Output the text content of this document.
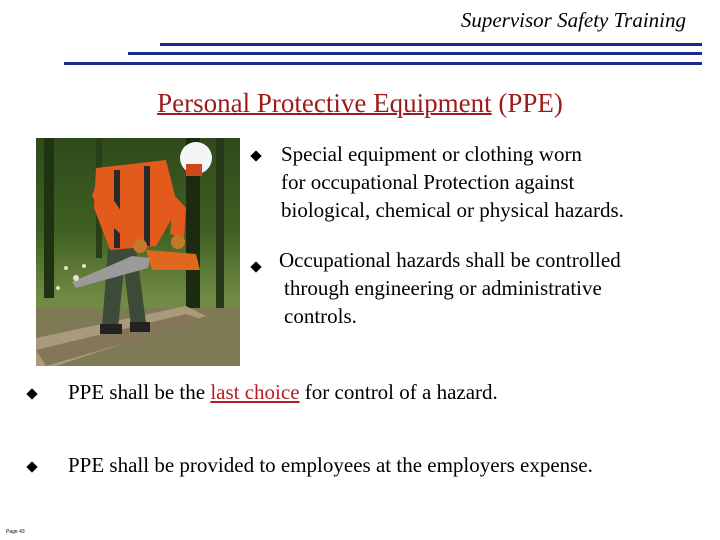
Supervisor Safety Training
Personal Protective Equipment (PPE)
Special equipment or clothing worn
for occupational Protection against
biological, chemical or physical hazards.
Occupational hazards shall be controlled
through engineering or administrative
controls.
PPE shall be the last choice for control of a hazard.
PPE shall be provided to employees at the employers expense.
Page 43
